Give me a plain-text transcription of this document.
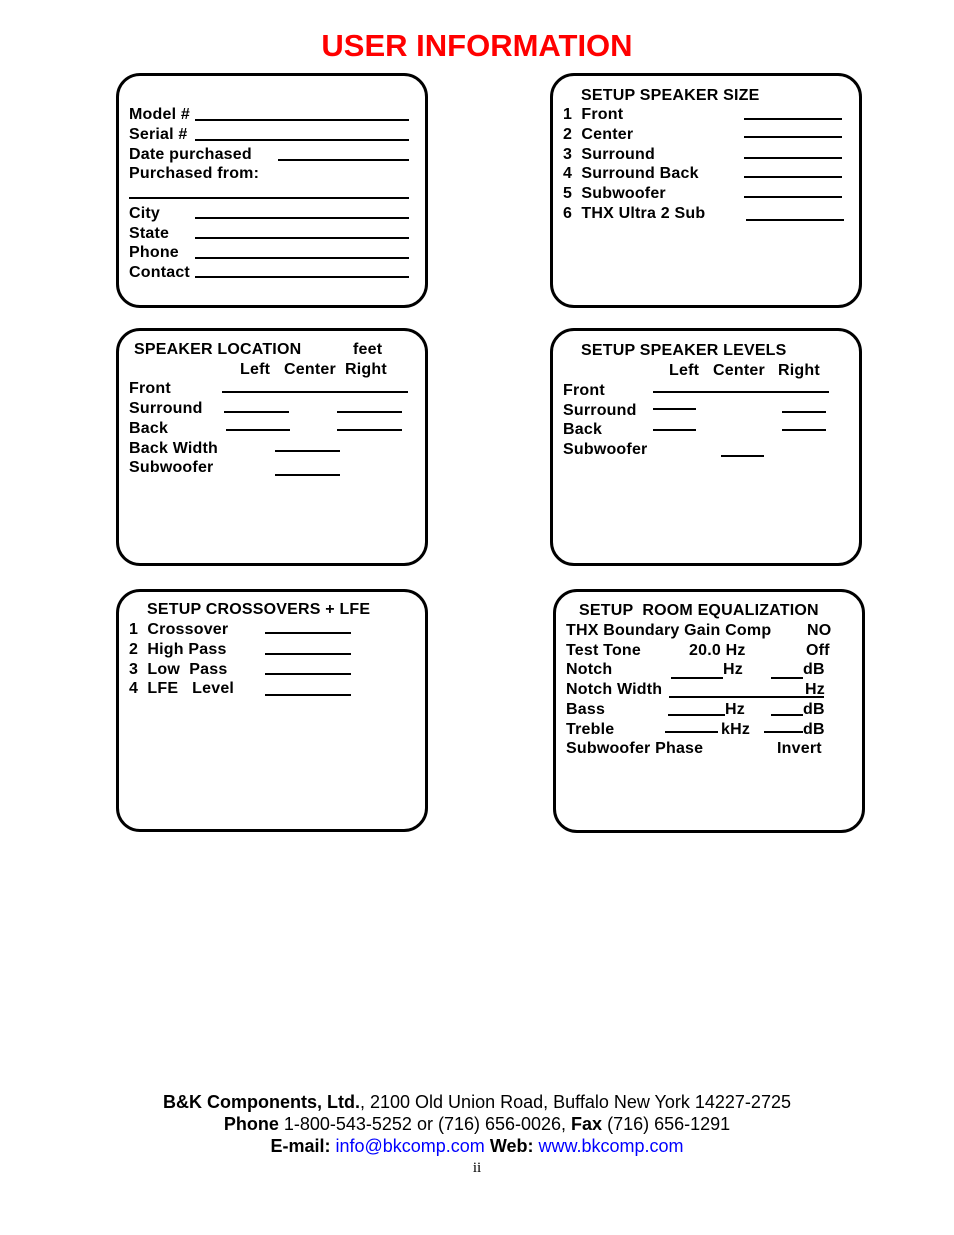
USER INFORMATION
Model #
Serial #
Date purchased
Purchased from:
City
State
Phone
Contact
SETUP SPEAKER SIZE
1  Front
2  Center
3  Surround
4  Surround Back
5  Subwoofer
6  THX Ultra 2 Sub
SPEAKER LOCATION	feet
Left Center Right
Front
Surround
Back
Back Width
Subwoofer
SETUP SPEAKER LEVELS
Left Center Right
Front
Surround
Back
Subwoofer
SETUP CROSSOVERS + LFE
1  Crossover
2  High Pass
3  Low  Pass
4  LFE   Level
SETUP  ROOM EQUALIZATION
THX Boundary Gain Comp NO
Test Tone	20.0 Hz	Off
Notch	Hz	dB
Notch Width	Hz
Bass	Hz	dB
Treble	kHz	dB
Subwoofer Phase	Invert
B&K Components, Ltd., 2100 Old Union Road, Buffalo New York 14227-2725
Phone 1-800-543-5252 or (716) 656-0026, Fax (716) 656-1291
E-mail: info@bkcomp.com Web: www.bkcomp.com
ii
